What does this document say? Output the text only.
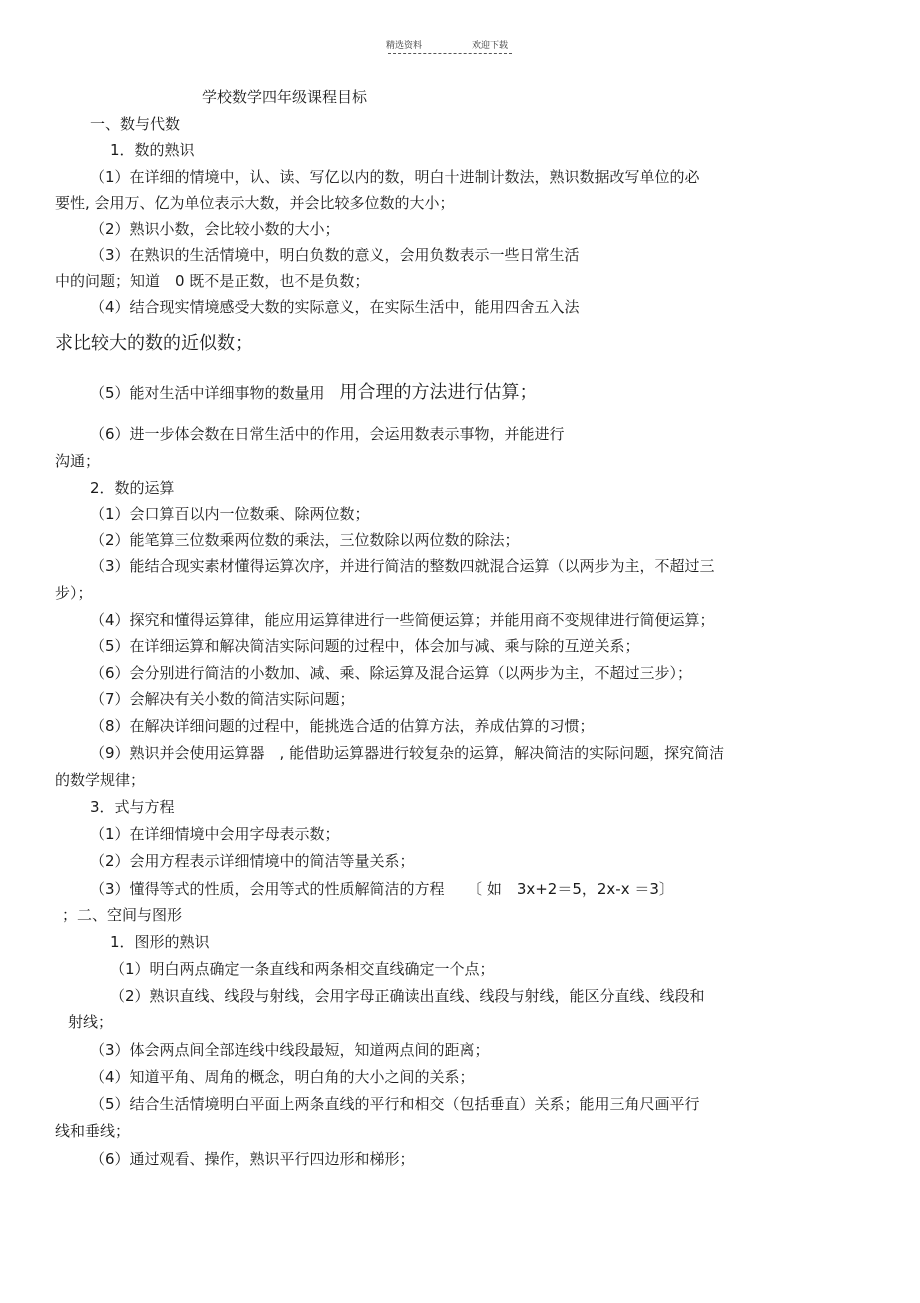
精选资料	欢迎下载
学校数学四年级课程目标
一、数与代数
1．数的熟识
（1）在详细的情境中，认、读、写亿以内的数，明白十进制计数法，熟识数据改写单位的必
要性, 会用万、亿为单位表示大数，并会比较多位数的大小；
（2）熟识小数，会比较小数的大小；
（3）在熟识的生活情境中，明白负数的意义，会用负数表示一些日常生活
中的问题；知道　0 既不是正数，也不是负数；
（4）结合现实情境感受大数的实际意义，在实际生活中，能用四舍五入法
求比较大的数的近似数；
（5）能对生活中详细事物的数量用　用合理的方法进行估算；
（6）进一步体会数在日常生活中的作用，会运用数表示事物，并能进行
沟通；
2．数的运算
（1）会口算百以内一位数乘、除两位数；
（2）能笔算三位数乘两位数的乘法，三位数除以两位数的除法；
（3）能结合现实素材懂得运算次序，并进行简洁的整数四就混合运算（以两步为主，不超过三
步）；
（4）探究和懂得运算律，能应用运算律进行一些简便运算；并能用商不变规律进行简便运算；
（5）在详细运算和解决简洁实际问题的过程中，体会加与减、乘与除的互逆关系；
（6）会分别进行简洁的小数加、减、乘、除运算及混合运算（以两步为主，不超过三步）；
（7）会解决有关小数的简洁实际问题；
（8）在解决详细问题的过程中，能挑选合适的估算方法，养成估算的习惯；
（9）熟识并会使用运算器　, 能借助运算器进行较复杂的运算，解决简洁的实际问题，探究简洁
的数学规律；
3．式与方程
（1）在详细情境中会用字母表示数；
（2）会用方程表示详细情境中的简洁等量关系；
（3）懂得等式的性质，会用等式的性质解简洁的方程　　〔 如　3x+2＝5，2x-x ＝3〕
；二、空间与图形
1．图形的熟识
（1）明白两点确定一条直线和两条相交直线确定一个点；
（2）熟识直线、线段与射线，会用字母正确读出直线、线段与射线，能区分直线、线段和
射线；
（3）体会两点间全部连线中线段最短，知道两点间的距离；
（4）知道平角、周角的概念，明白角的大小之间的关系；
（5）结合生活情境明白平面上两条直线的平行和相交（包括垂直）关系；能用三角尺画平行
线和垂线；
（6）通过观看、操作，熟识平行四边形和梯形；
